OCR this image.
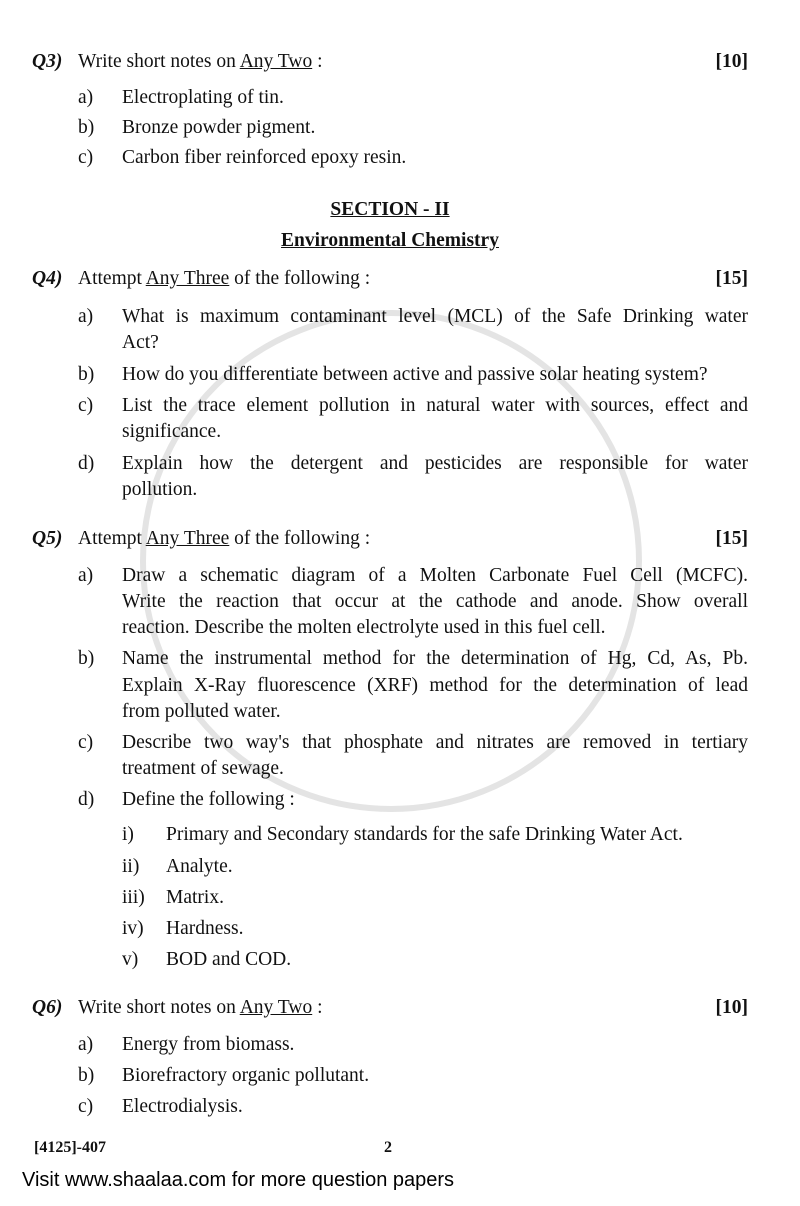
Q3) Write short notes on Any Two :	[10]
a) Electroplating of tin.
b) Bronze powder pigment.
c) Carbon fiber reinforced epoxy resin.
SECTION - II
Environmental Chemistry
Q4) Attempt Any Three of the following :	[15]
a) What is maximum contaminant level (MCL) of the Safe Drinking water
Act?
b) How do you differentiate between active and passive solar heating system?
c) List the trace element pollution in natural water with sources, effect and
significance.
d) Explain how the detergent and pesticides are responsible for water
pollution.
Q5) Attempt Any Three of the following :	[15]
a) Draw a schematic diagram of a Molten Carbonate Fuel Cell (MCFC).
Write the reaction that occur at the cathode and anode. Show overall
reaction. Describe the molten electrolyte used in this fuel cell.
b) Name the instrumental method for the determination of Hg, Cd, As, Pb.
Explain X-Ray fluorescence (XRF) method for the determination of lead
from polluted water.
c) Describe two way's that phosphate and nitrates are removed in tertiary
treatment of sewage.
d) Define the following :
i) Primary and Secondary standards for the safe Drinking Water Act.
ii) Analyte.
iii) Matrix.
iv) Hardness.
v) BOD and COD.
Q6) Write short notes on Any Two :	[10]
a) Energy from biomass.
b) Biorefractory organic pollutant.
c) Electrodialysis.
[4125]-407	2
Visit www.shaalaa.com for more question papers
